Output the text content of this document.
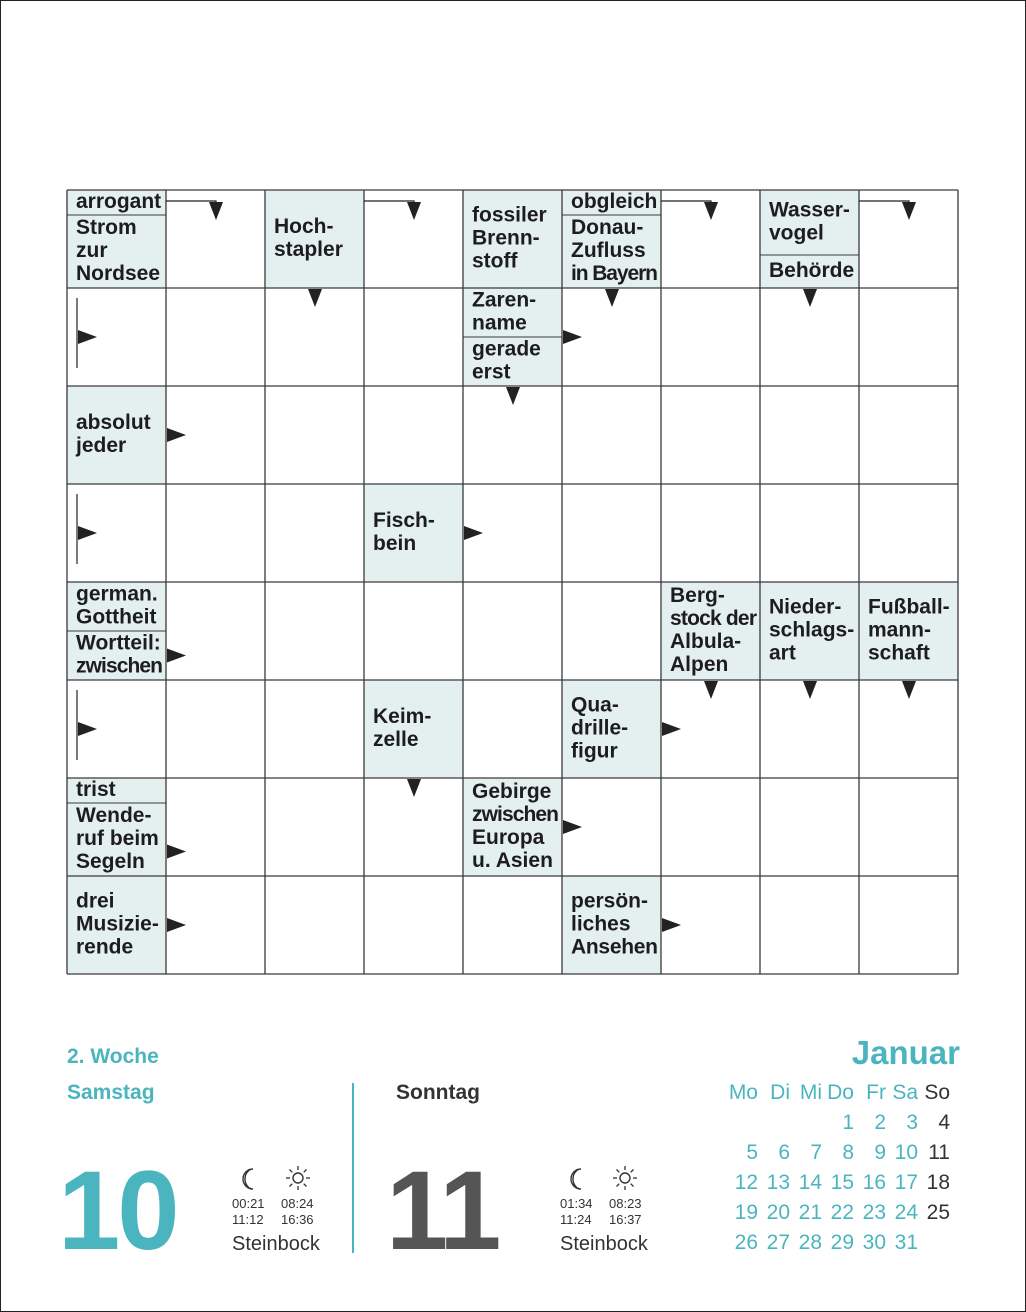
arrogant
Strom
zur
Nordsee
Hoch-
stapler
fossiler
Brenn-
stoff
obgleich
Donau-
Zufluss
in Bayern
Wasser-
vogel
Behörde
Zaren-
name
gerade
erst
absolut
jeder
Fisch-
bein
german.
Gottheit
Wortteil:
zwischen
Berg-
stock der
Albula-
Alpen
Nieder-
schlags-
art
Fußball-
mann-
schaft
Keim-
zelle
Qua-
drille-
figur
trist
Wende-
ruf beim
Segeln
Gebirge
zwischen
Europa
u. Asien
drei
Musizie-
rende
persön-
liches
Ansehen
2. Woche
Samstag	Sonntag
10 11
00:21
11:12
08:24
16:36
Steinbock
01:34
11:24
08:23
16:37
Steinbock
Januar
Mo Di Mi Do Fr Sa So
1 2 3 4
5 6 7 8 9 10 11
12 13 14 15 16 17 18
19 20 21 22 23 24 25
26 27 28 29 30 31
